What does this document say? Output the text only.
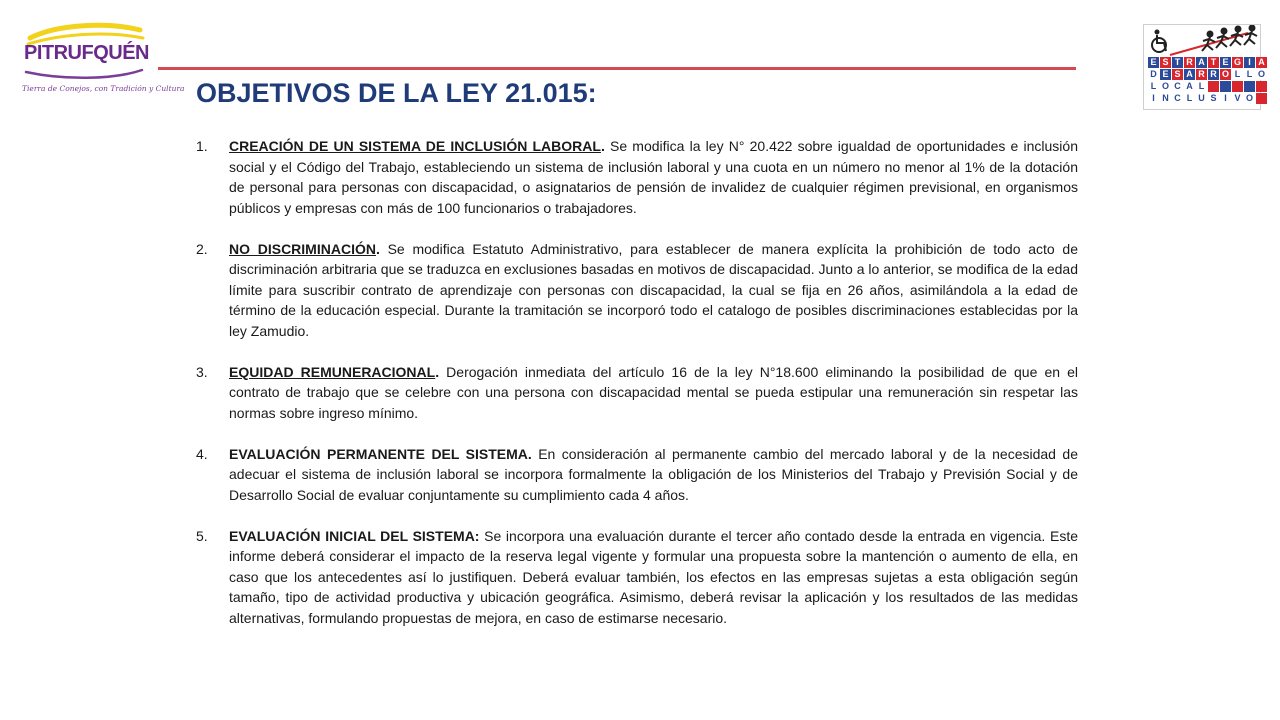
PITRUFQUÉN
Tierra de Conejos, con Tradición y Cultura
E S T R A T E G I A
D E S A R R O L L O
L O C A L
I N C L U S I V O
OBJETIVOS DE LA LEY 21.015:
1. CREACIÓN DE UN SISTEMA DE INCLUSIÓN LABORAL. Se modifica la ley N° 20.422 sobre igualdad de oportunidades e inclusión social y el Código del Trabajo, estableciendo un sistema de inclusión laboral y una cuota en un número no menor al 1% de la dotación de personal para personas con discapacidad, o asignatarios de pensión de invalidez de cualquier régimen previsional, en organismos públicos y empresas con más de 100 funcionarios o trabajadores.
2. NO DISCRIMINACIÓN. Se modifica Estatuto Administrativo, para establecer de manera explícita la prohibición de todo acto de discriminación arbitraria que se traduzca en exclusiones basadas en motivos de discapacidad. Junto a lo anterior, se modifica de la edad límite para suscribir contrato de aprendizaje con personas con discapacidad, la cual se fija en 26 años, asimilándola a la edad de término de la educación especial. Durante la tramitación se incorporó todo el catalogo de posibles discriminaciones establecidas por la ley Zamudio.
3. EQUIDAD REMUNERACIONAL. Derogación inmediata del artículo 16 de la ley N°18.600 eliminando la posibilidad de que en el contrato de trabajo que se celebre con una persona con discapacidad mental se pueda estipular una remuneración sin respetar las normas sobre ingreso mínimo.
4. EVALUACIÓN PERMANENTE DEL SISTEMA. En consideración al permanente cambio del mercado laboral y de la necesidad de adecuar el sistema de inclusión laboral se incorpora formalmente la obligación de los Ministerios del Trabajo y Previsión Social y de Desarrollo Social de evaluar conjuntamente su cumplimiento cada 4 años.
5. EVALUACIÓN INICIAL DEL SISTEMA: Se incorpora una evaluación durante el tercer año contado desde la entrada en vigencia. Este informe deberá considerar el impacto de la reserva legal vigente y formular una propuesta sobre la mantención o aumento de ella, en caso que los antecedentes así lo justifiquen. Deberá evaluar también, los efectos en las empresas sujetas a esta obligación según tamaño, tipo de actividad productiva y ubicación geográfica. Asimismo, deberá revisar la aplicación y los resultados de las medidas alternativas, formulando propuestas de mejora, en caso de estimarse necesario.
